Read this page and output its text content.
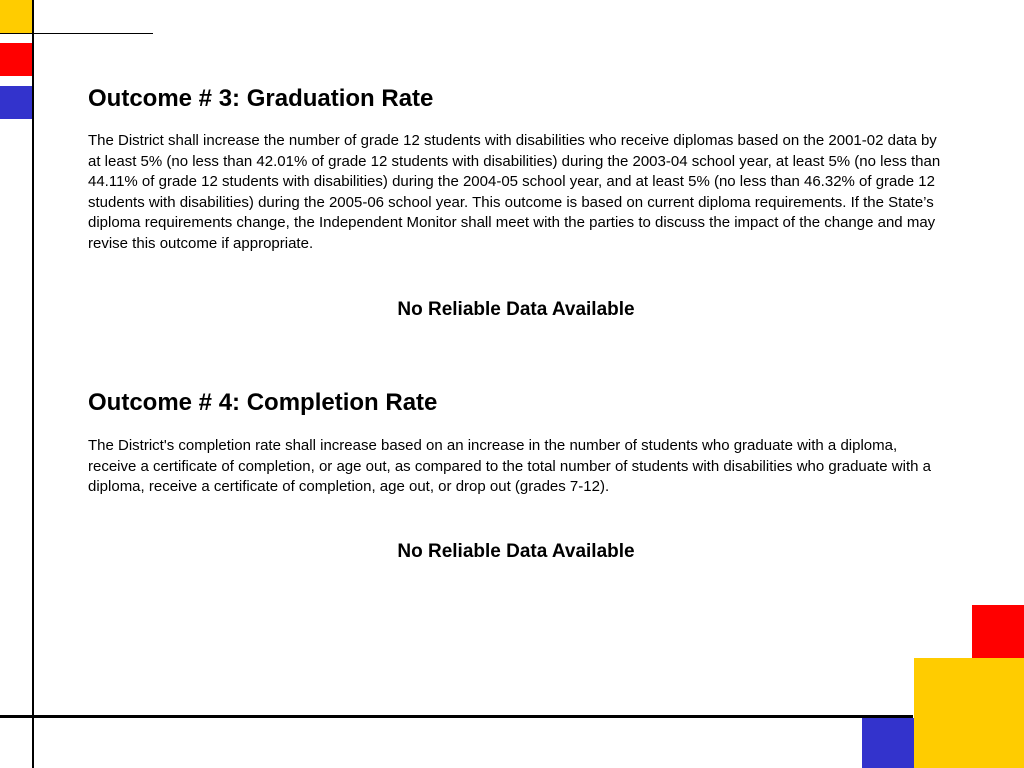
Outcome # 3: Graduation Rate

The District shall increase the number of grade 12 students with disabilities who receive diplomas based on the 2001-02 data by at least 5% (no less than 42.01% of grade 12 students with disabilities) during the 2003-04 school year, at least 5% (no less than 44.11% of grade 12 students with disabilities) during the 2004-05 school year, and at least 5% (no less than 46.32% of grade 12 students with disabilities) during the 2005-06 school year. This outcome is based on current diploma requirements. If the State’s diploma requirements change, the Independent Monitor shall meet with the parties to discuss the impact of the change and may revise this outcome if appropriate.

No Reliable Data Available

Outcome # 4: Completion Rate

The District's completion rate shall increase based on an increase in the number of students who graduate with a diploma, receive a certificate of completion, or age out, as compared to the total number of students with disabilities who graduate with a diploma, receive a certificate of completion, age out, or drop out (grades 7-12).

No Reliable Data Available
